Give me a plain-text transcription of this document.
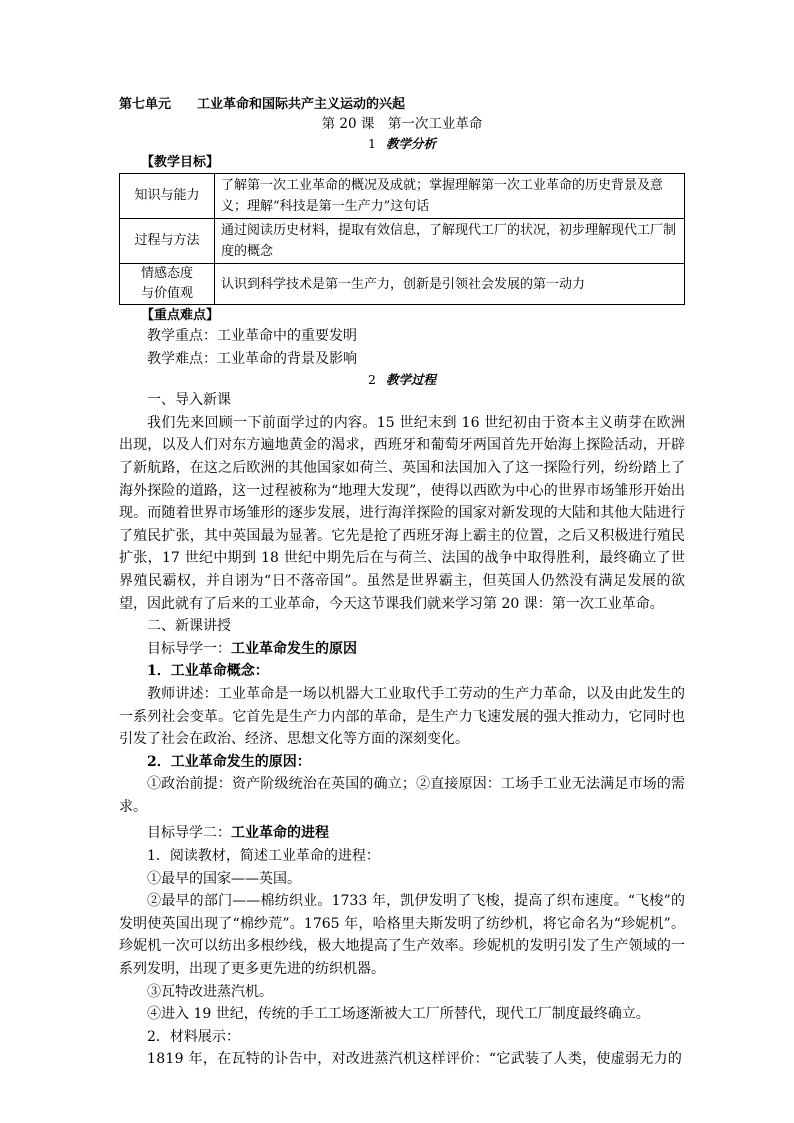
第七单元 工业革命和国际共产主义运动的兴起
第 20 课　第一次工业革命
1 教学分析
【教学目标】
知识与能力	了解第一次工业革命的概况及成就；掌握理解第一次工业革命的历史背景及意义；理解“科技是第一生产力”这句话
过程与方法	通过阅读历史材料，提取有效信息，了解现代工厂的状况，初步理解现代工厂制度的概念

情感态度
与价值观	认识到科学技术是第一生产力，创新是引领社会发展的第一动力
【重点难点】
教学重点：工业革命中的重要发明
教学难点：工业革命的背景及影响
2 教学过程
一、导入新课
我们先来回顾一下前面学过的内容。15 世纪末到 16 世纪初由于资本主义萌芽在欧洲出现，以及人们对东方遍地黄金的渴求，西班牙和葡萄牙两国首先开始海上探险活动，开辟了新航路，在这之后欧洲的其他国家如荷兰、英国和法国加入了这一探险行列，纷纷踏上了海外探险的道路，这一过程被称为“地理大发现”，使得以西欧为中心的世界市场雏形开始出现。而随着世界市场雏形的逐步发展，进行海洋探险的国家对新发现的大陆和其他大陆进行了殖民扩张，其中英国最为显著。它先是抢了西班牙海上霸主的位置，之后又积极进行殖民扩张，17 世纪中期到 18 世纪中期先后在与荷兰、法国的战争中取得胜利，最终确立了世界殖民霸权，并自诩为“日不落帝国”。虽然是世界霸主，但英国人仍然没有满足发展的欲望，因此就有了后来的工业革命，今天这节课我们就来学习第 20 课：第一次工业革命。
二、新课讲授
目标导学一：工业革命发生的原因
1．工业革命概念：
教师讲述：工业革命是一场以机器大工业取代手工劳动的生产力革命，以及由此发生的一系列社会变革。它首先是生产力内部的革命，是生产力飞速发展的强大推动力，它同时也引发了社会在政治、经济、思想文化等方面的深刻变化。
2．工业革命发生的原因：
①政治前提：资产阶级统治在英国的确立；②直接原因：工场手工业无法满足市场的需求。
目标导学二：工业革命的进程
1．阅读教材，简述工业革命的进程：
①最早的国家——英国。
②最早的部门——棉纺织业。1733 年，凯伊发明了飞梭，提高了织布速度。“飞梭”的发明使英国出现了“棉纱荒”。1765 年，哈格里夫斯发明了纺纱机，将它命名为“珍妮机”。珍妮机一次可以纺出多根纱线，极大地提高了生产效率。珍妮机的发明引发了生产领域的一系列发明，出现了更多更先进的纺织机器。
③瓦特改进蒸汽机。
④进入 19 世纪，传统的手工工场逐渐被大工厂所替代，现代工厂制度最终确立。
2．材料展示：
1819 年，在瓦特的讣告中，对改进蒸汽机这样评价：“它武装了人类，使虚弱无力的
